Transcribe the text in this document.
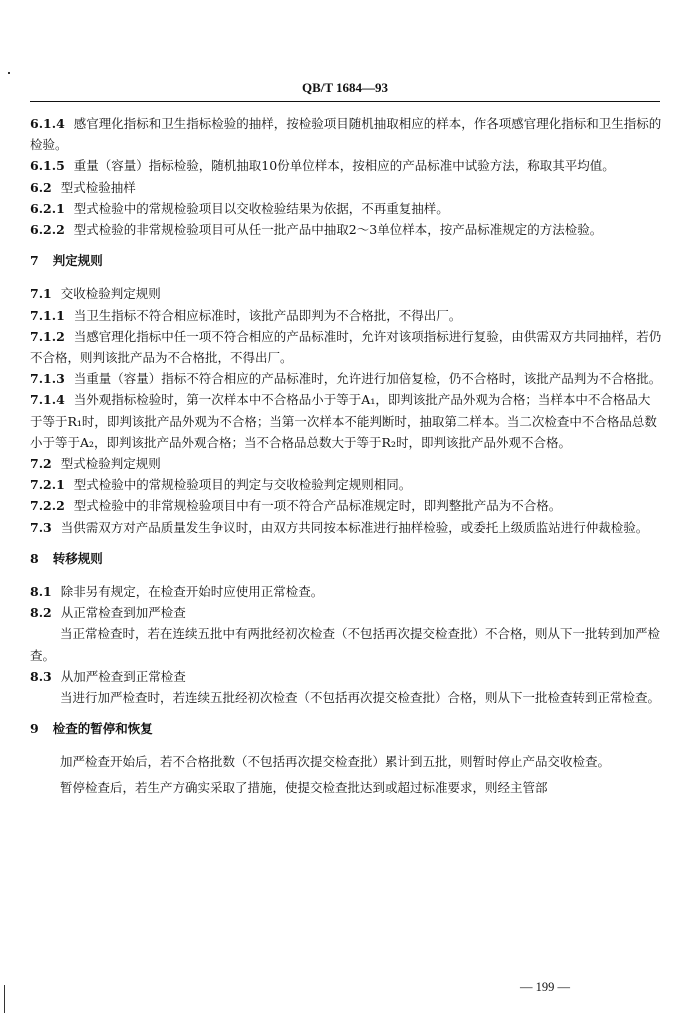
QB/T 1684—93

6.1.4 感官理化指标和卫生指标检验的抽样，按检验项目随机抽取相应的样本，作各项感官理化指标和卫生指标的检验。

6.1.5 重量（容量）指标检验，随机抽取10份单位样本，按相应的产品标准中试验方法，称取其平均值。

6.2 型式检验抽样

6.2.1 型式检验中的常规检验项目以交收检验结果为依据，不再重复抽样。

6.2.2 型式检验的非常规检验项目可从任一批产品中抽取2～3单位样本，按产品标准规定的方法检验。

7 判定规则

7.1 交收检验判定规则

7.1.1 当卫生指标不符合相应标准时，该批产品即判为不合格批，不得出厂。

7.1.2 当感官理化指标中任一项不符合相应的产品标准时，允许对该项指标进行复验，由供需双方共同抽样，若仍不合格，则判该批产品为不合格批，不得出厂。

7.1.3 当重量（容量）指标不符合相应的产品标准时，允许进行加倍复检，仍不合格时，该批产品判为不合格批。

7.1.4 当外观指标检验时，第一次样本中不合格品小于等于A₁，即判该批产品外观为合格；当样本中不合格品大于等于R₁时，即判该批产品外观为不合格；当第一次样本不能判断时，抽取第二样本。当二次检查中不合格品总数小于等于A₂，即判该批产品外观合格；当不合格品总数大于等于R₂时，即判该批产品外观不合格。

7.2 型式检验判定规则

7.2.1 型式检验中的常规检验项目的判定与交收检验判定规则相同。

7.2.2 型式检验中的非常规检验项目中有一项不符合产品标准规定时，即判整批产品为不合格。

7.3 当供需双方对产品质量发生争议时，由双方共同按本标准进行抽样检验，或委托上级质监站进行仲裁检验。

8 转移规则

8.1 除非另有规定，在检查开始时应使用正常检查。

8.2 从正常检查到加严检查

当正常检查时，若在连续五批中有两批经初次检查（不包括再次提交检查批）不合格，则从下一批转到加严检查。

8.3 从加严检查到正常检查

当进行加严检查时，若连续五批经初次检查（不包括再次提交检查批）合格，则从下一批检查转到正常检查。

9 检查的暂停和恢复

加严检查开始后，若不合格批数（不包括再次提交检查批）累计到五批，则暂时停止产品交收检查。

暂停检查后，若生产方确实采取了措施，使提交检查批达到或超过标准要求，则经主管部

— 199 —
